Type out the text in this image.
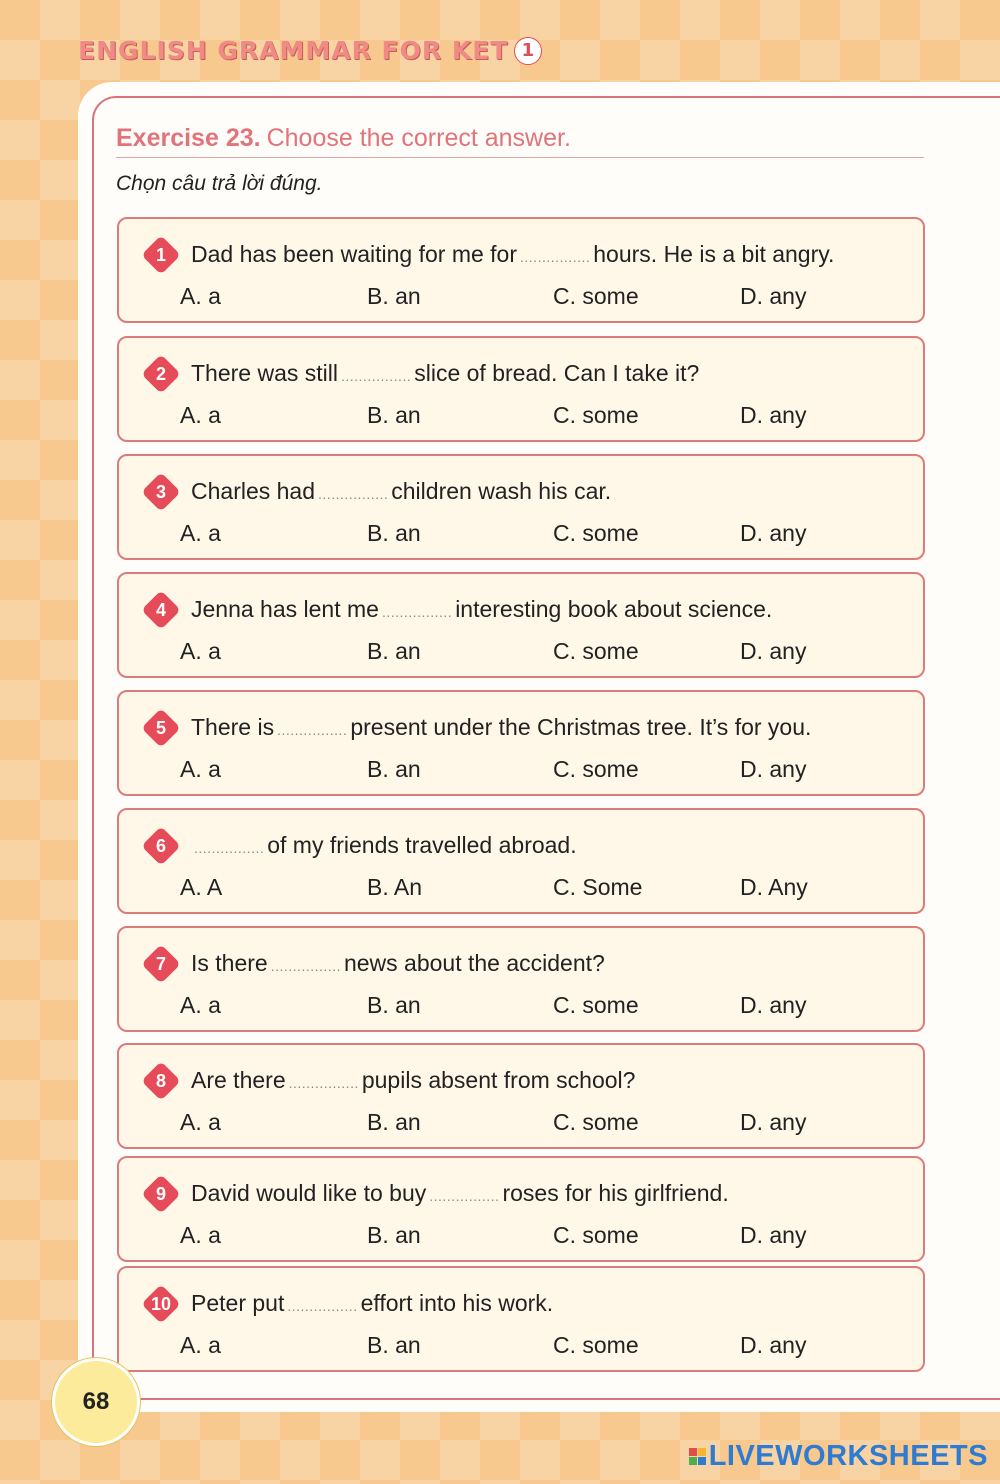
ENGLISH GRAMMAR FOR KET 1
Exercise 23. Choose the correct answer.
Chọn câu trả lời đúng.
1	Dad has been waiting for me for ................ hours. He is a bit angry.
A. a	B. an	C. some	D. any
2	There was still ................ slice of bread. Can I take it?
A. a	B. an	C. some	D. any
3	Charles had ................ children wash his car.
A. a	B. an	C. some	D. any
4	Jenna has lent me ................ interesting book about science.
A. a	B. an	C. some	D. any
5	There is ................ present under the Christmas tree. It’s for you.
A. a	B. an	C. some	D. any
6	................ of my friends travelled abroad.
A. A	B. An	C. Some	D. Any
7	Is there ................ news about the accident?
A. a	B. an	C. some	D. any
8	Are there ................ pupils absent from school?
A. a	B. an	C. some	D. any
9	David would like to buy ................ roses for his girlfriend.
A. a	B. an	C. some	D. any
10 Peter put ................ effort into his work.
A. a	B. an	C. some	D. any
68
LIVEWORKSHEETS
